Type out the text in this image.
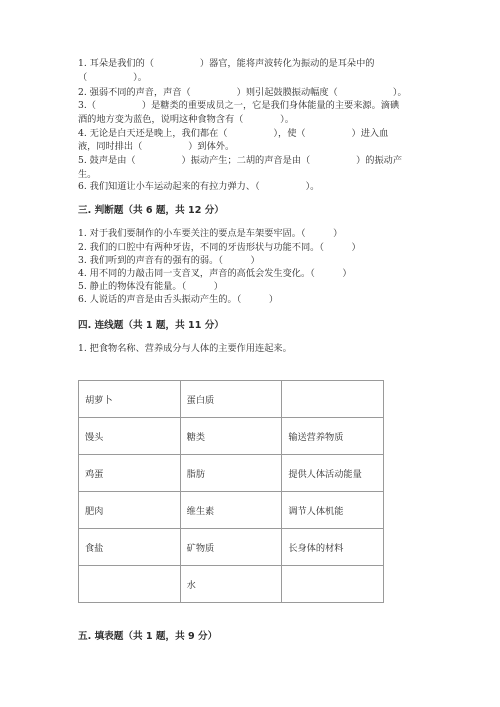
1. 耳朵是我们的（　　　　　）器官，能将声波转化为振动的是耳朵中的
（　　　　　）。
2. 强弱不同的声音，声音（　　　　　）则引起鼓膜振动幅度（　　　　　　）。
3.（　　　　　）是糖类的重要成员之一，它是我们身体能量的主要来源。滴碘
酒的地方变为蓝色，说明这种食物含有（　　　　）。
4. 无论是白天还是晚上，我们都在（　　　　　），使（　　　　　）进入血
液，同时排出（　　　　　）到体外。
5. 鼓声是由（　　　　　）振动产生；二胡的声音是由（　　　　　）的振动产
生。
6. 我们知道让小车运动起来的有拉力弹力、（　　　　　）。
三. 判断题（共 6 题，共 12 分）
1. 对于我们要制作的小车要关注的要点是车架要牢固。（　　　）
2. 我们的口腔中有两种牙齿，不同的牙齿形状与功能不同。（　　　）
3. 我们听到的声音有的强有的弱。（　　　）
4. 用不同的力敲击同一支音叉，声音的高低会发生变化。（　　　）
5. 静止的物体没有能量。（　　　）
6. 人说话的声音是由舌头振动产生的。（　　　）
四. 连线题（共 1 题，共 11 分）
1. 把食物名称、营养成分与人体的主要作用连起来。
胡萝卜	蛋白质	
馒头	糖类	输送营养物质
鸡蛋	脂肪	提供人体活动能量
肥肉	维生素	调节人体机能
食盐	矿物质	长身体的材料
	水	
五. 填表题（共 1 题，共 9 分）
